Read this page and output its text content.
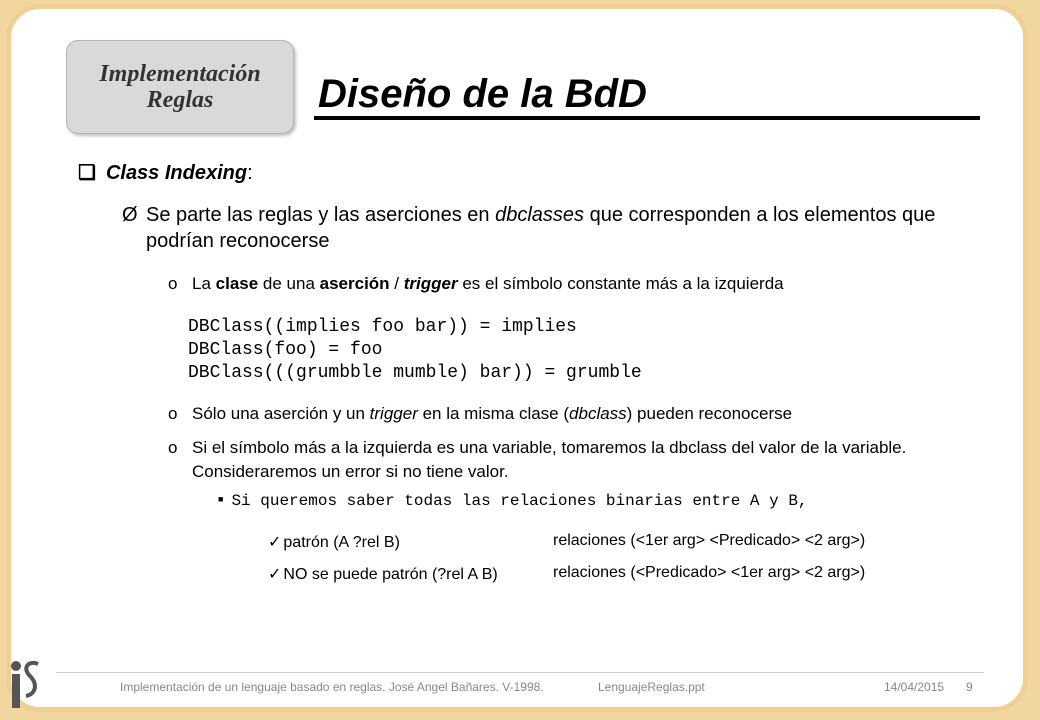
Implementación
Reglas	Diseño de la BdD
❑ Class Indexing:
Ø Se parte las reglas y las aserciones en dbclasses que corresponden a los elementos que podrían reconocerse
o La clase de una aserción / trigger es el símbolo constante más a la izquierda
DBClass((implies foo bar)) = implies
DBClass(foo) = foo
DBClass(((grumbble mumble) bar)) = grumble
o Sólo una aserción y un trigger en la misma clase (dbclass) pueden reconocerse
o Si el símbolo más a la izquierda es una variable, tomaremos la dbclass del valor de la variable. Consideraremos un error si no tiene valor.
■ Si queremos saber todas las relaciones binarias entre A y B,
✓ patrón (A ?rel B)	relaciones (<1er arg> <Predicado> <2 arg>)
✓ NO se puede patrón (?rel A B)	relaciones (<Predicado> <1er arg> <2 arg>)
Implementación de un lenguaje basado en reglas. José Angel Bañares. V-1998.	LenguajeReglas.ppt	14/04/2015 9
